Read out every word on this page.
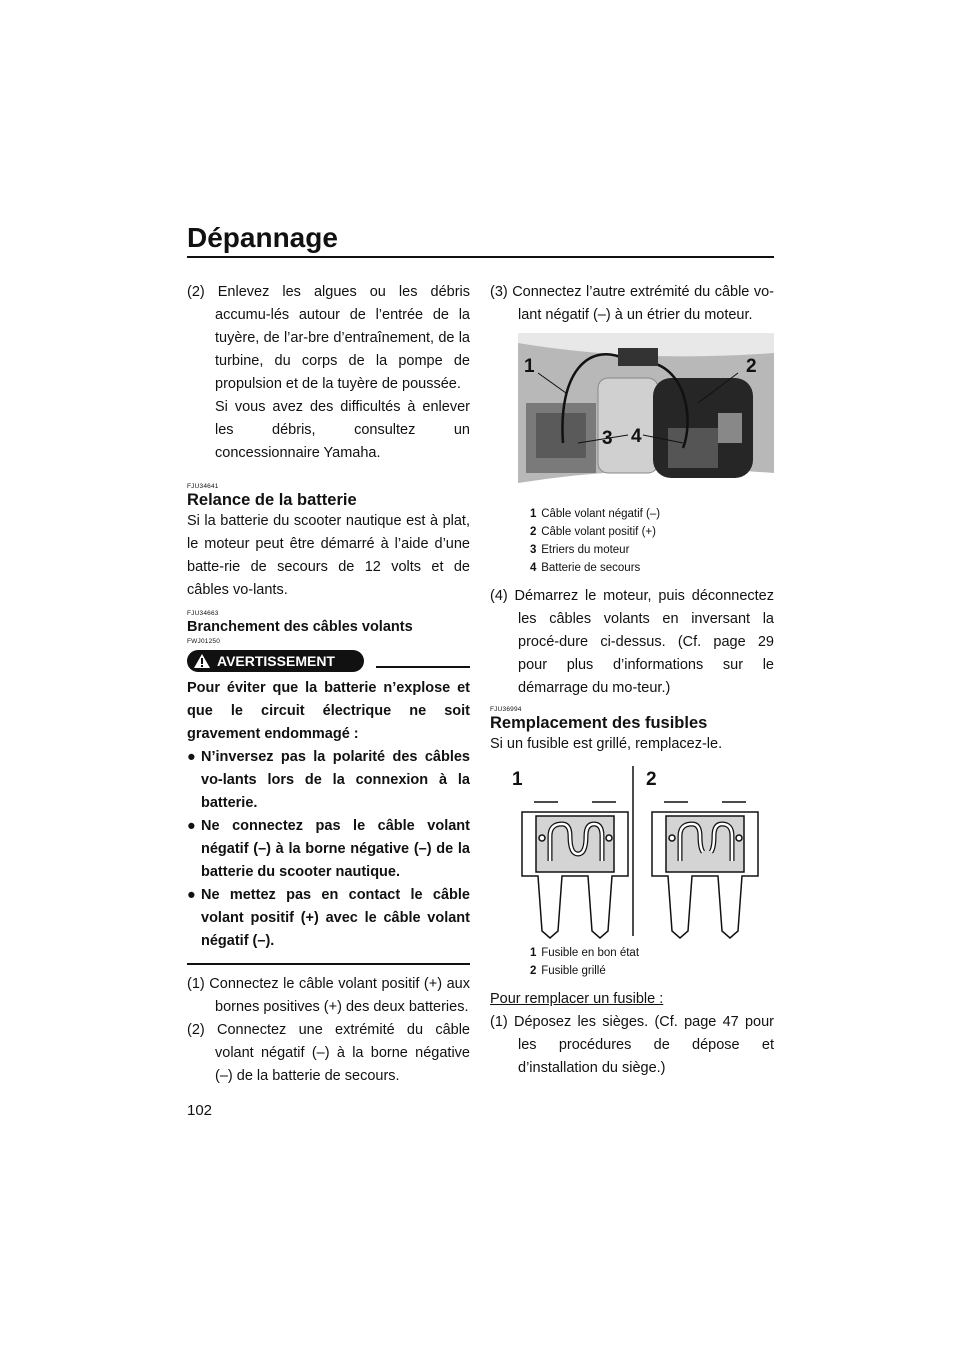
Dépannage

(2) Enlevez les algues ou les débris accumu-lés autour de l’entrée de la tuyère, de l’ar-bre d’entraînement, de la turbine, du corps de la pompe de propulsion et de la tuyère de poussée.

Si vous avez des difficultés à enlever les débris, consultez un concessionnaire Yamaha.

FJU34641
Relance de la batterie

Si la batterie du scooter nautique est à plat, le moteur peut être démarré à l’aide d’une batte-rie de secours de 12 volts et de câbles vo-lants.

FJU34663
Branchement des câbles volants
FWJ01250
AVERTISSEMENT

Pour éviter que la batterie n’explose et que le circuit électrique ne soit gravement endommagé :

● N’inversez pas la polarité des câbles vo-lants lors de la connexion à la batterie.

● Ne connectez pas le câble volant négatif (–) à la borne négative (–) de la batterie du scooter nautique.

● Ne mettez pas en contact le câble volant positif (+) avec le câble volant négatif (–).

(1) Connectez le câble volant positif (+) aux bornes positives (+) des deux batteries.

(2) Connectez une extrémité du câble volant négatif (–) à la borne négative (–) de la batterie de secours.

(3) Connectez l’autre extrémité du câble vo-lant négatif (–) à un étrier du moteur.

1	2
3 4
1 Câble volant négatif (–)
2 Câble volant positif (+)
3 Etriers du moteur
4 Batterie de secours

(4) Démarrez le moteur, puis déconnectez les câbles volants en inversant la procé-dure ci-dessus. (Cf. page 29 pour plus d’informations sur le démarrage du mo-teur.)

FJU36994
Remplacement des fusibles

Si un fusible est grillé, remplacez-le.

1	2
1 Fusible en bon état
2 Fusible grillé

Pour remplacer un fusible :

(1) Déposez les sièges. (Cf. page 47 pour les procédures de dépose et d’installation du siège.)

102
